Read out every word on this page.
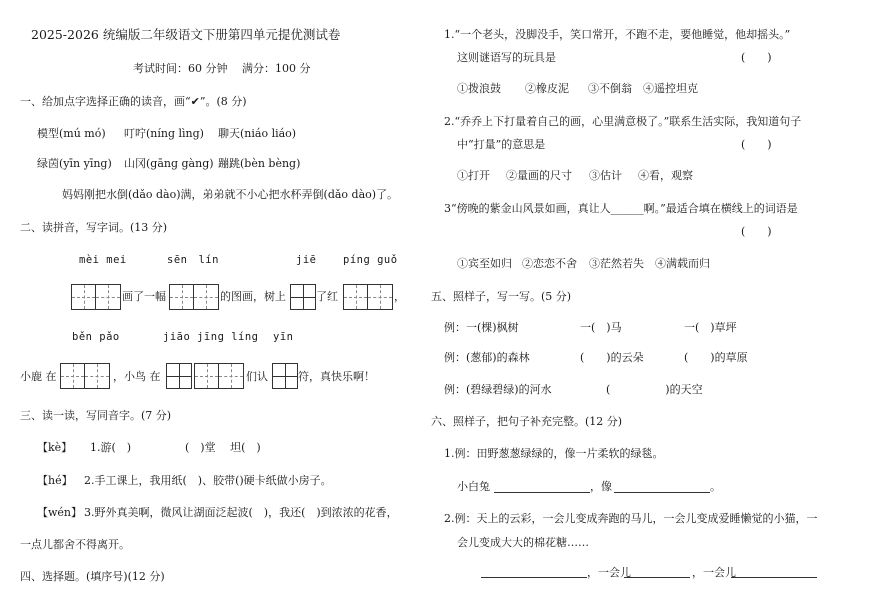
2025-2026 统编版二年级语文下册第四单元提优测试卷
考试时间：60 分钟　 满分：100 分
一、给加点字选择正确的读音，画“✔”。(8 分)
模型(mú mó) 叮咛(níng lìng) 聊天(niáo liáo)
绿茵(yīn yīng) 山冈(gāng gàng) 蹦跳(bèn bèng)
妈妈刚把水倒(dǎo dào)满，弟弟就不小心把水杯弄倒(dǎo dào)了。
二、读拼音，写字词。(13 分)
mèi mei	sēn　lín	jiē	píng guǒ
画了一幅	的图画，树上	了红	，
běn pǎo	jiāo jīng líng yīn
小鹿 在	，小鸟 在	们认	符，真快乐啊！
三、读一读，写同音字。(7 分)
【kè】 1.游(　)	(　)堂　 坦(　)
【hé】 2.手工课上，我用纸(　)、胶带()硬卡纸做小房子。
【wén】 3.野外真美啊，微风让湖面泛起波(　)，我还(　)到浓浓的花香，
一点儿都舍不得离开。
四、选择题。(填序号)(12 分)
1.“一个老头，没脚没手，笑口常开，不跑不走，要他睡觉，他却摇头。”
这则谜语写的玩具是	(　　)
①拨浪鼓 ②橡皮泥 ③不倒翁 ④遥控坦克
2.“乔乔上下打量着自己的画，心里满意极了。”联系生活实际，我知道句子
中“打量”的意思是	(　　)
①打开 ②量画的尺寸 ③估计 ④看，观察
3“傍晚的紫金山风景如画，真让人______啊。”最适合填在横线上的词语是
(　　)
①宾至如归 ②恋恋不舍 ③茫然若失 ④满载而归
五、照样子，写一写。(5 分)
例：一(棵)枫树	一(　)马	一(　)草坪
例：(葱郁)的森林	(　　)的云朵	(　　)的草原
例：(碧绿碧绿)的河水	(　　　　　)的天空
六、照样子，把句子补充完整。(12 分)
1.例：田野葱葱绿绿的，像一片柔软的绿毯。
小白兔	，像	。
2.例：天上的云彩，一会儿变成奔跑的马儿，一会儿变成爱睡懒觉的小猫，一
会儿变成大大的棉花糖……
，一会儿	，一会儿
